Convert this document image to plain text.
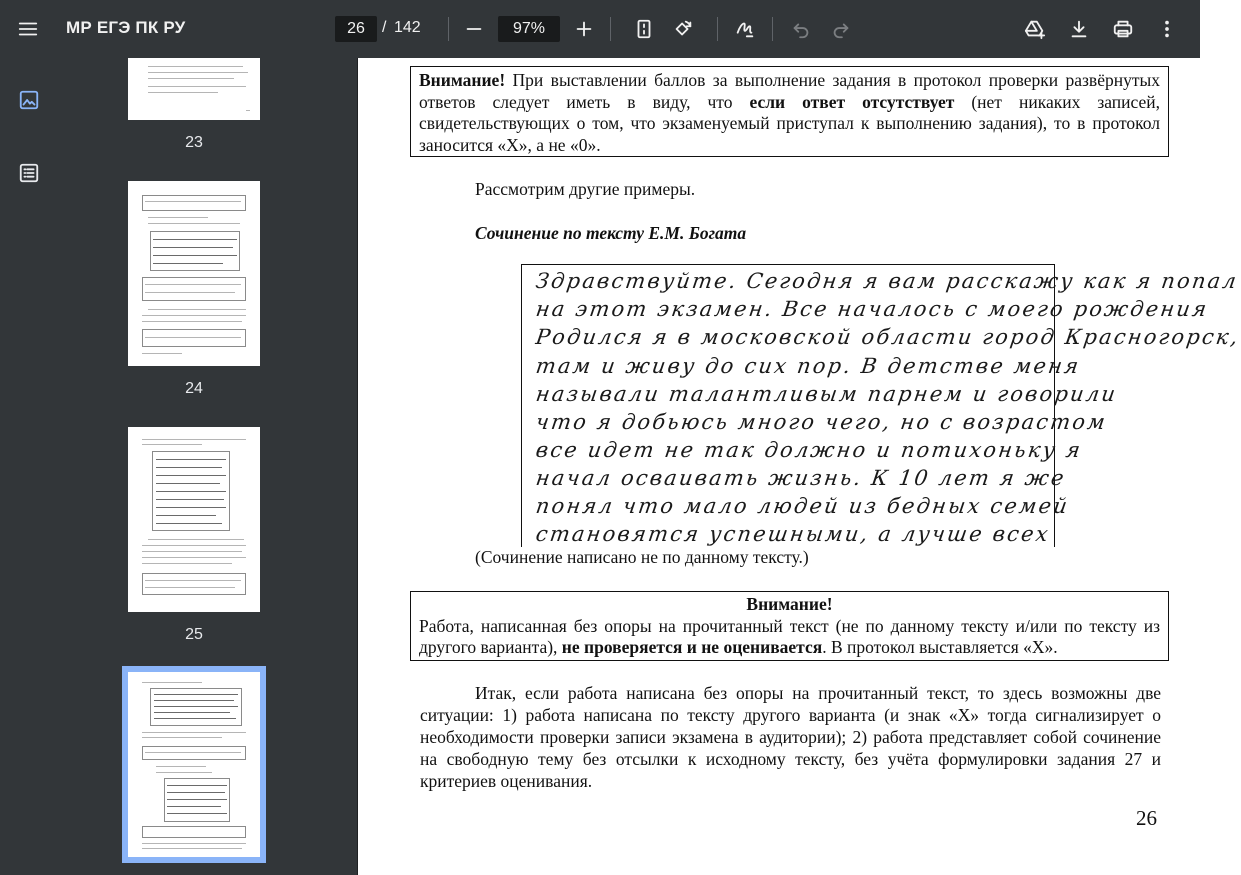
МР ЕГЭ ПК РУ	26	/ 142	97%
23
24
25
Внимание! При выставлении баллов за выполнение задания в протокол проверки развёрнутых ответов следует иметь в виду, что если ответ отсутствует (нет никаких записей, свидетельствующих о том, что экзаменуемый приступал к выполнению задания), то в протокол заносится «Х», а не «0».
Рассмотрим другие примеры.
Сочинение по тексту Е.М. Богата
Здравствуйте. Сегодня я вам расскажу как я попал
на этот экзамен. Все началось с моего рождения
Родился я в московской области город Красногорск,
там и живу до сих пор. В детстве меня
называли талантливым парнем и говорили
что я добьюсь много чего, но с возрастом
все идет не так должно и потихоньку я
начал осваивать жизнь. К 10 лет я же
понял что мало людей из бедных семей
становятся успешными, а лучше всех
(Сочинение написано не по данному тексту.)
Внимание!
Работа, написанная без опоры на прочитанный текст (не по данному тексту и/или по тексту из другого варианта), не проверяется и не оценивается. В протокол выставляется «Х».
Итак, если работа написана без опоры на прочитанный текст, то здесь возможны две ситуации: 1) работа написана по тексту другого варианта (и знак «Х» тогда сигнализирует о необходимости проверки записи экзамена в аудитории); 2) работа представляет собой сочинение на свободную тему без отсылки к исходному тексту, без учёта формулировки задания 27 и критериев оценивания.
26
